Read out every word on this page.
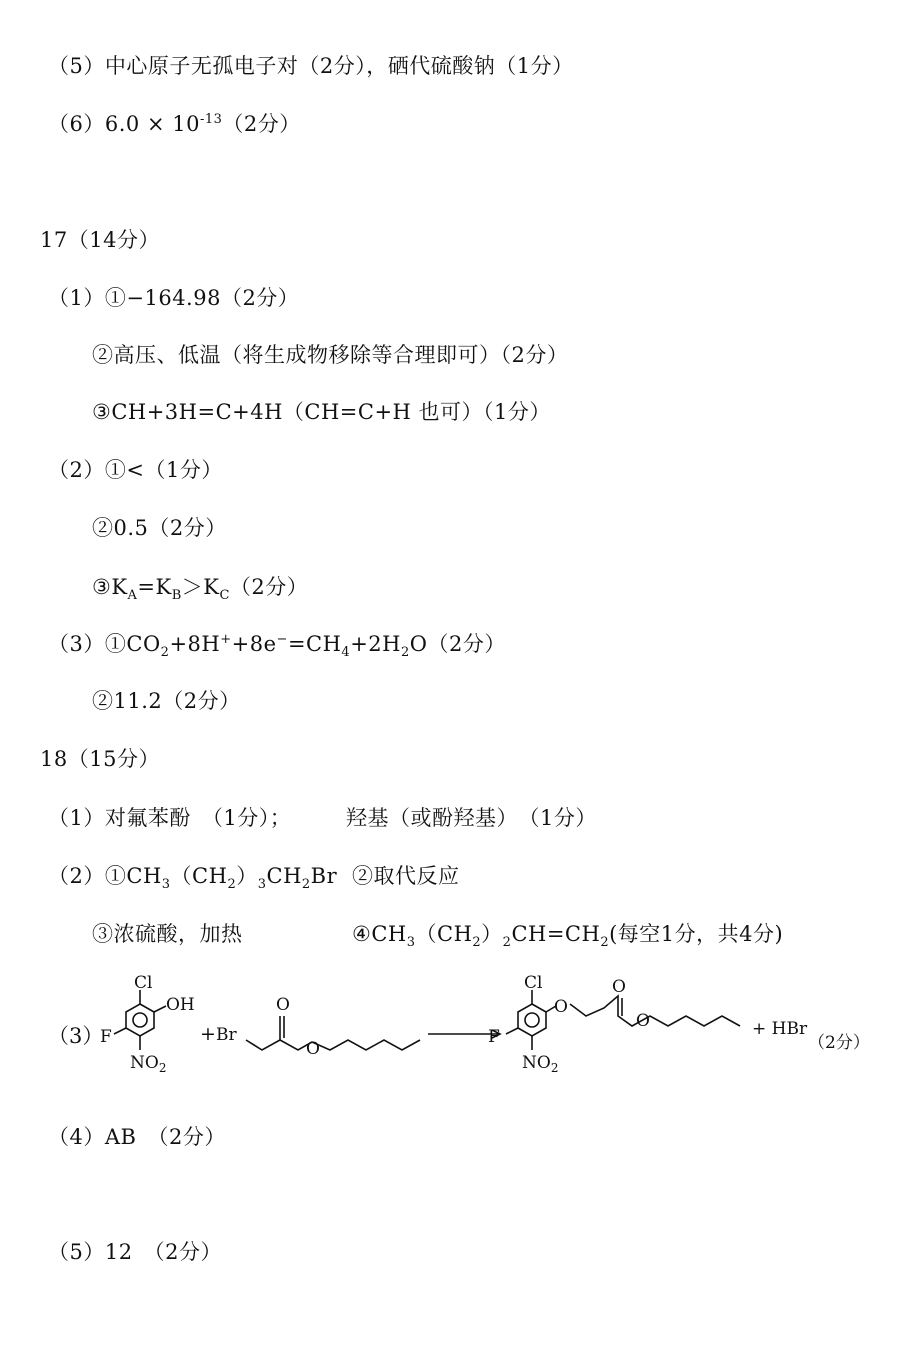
（5）中心原子无孤电子对（2分），硒代硫酸钠（1分）
$(6)6.0 \times 10^{-13}(2$分）
17（14分）
（1）①−164.98（2分）
②高压、低温（将生成物移除等合理即可）（2分）
③CH+3H=C+4H（CH=C+H 也可）（1分）
（2）①<（1分）
②0.5（2分）
$③K_A=K_B>K_C(2$分）
$(3)①CO_2+8H^++8e^-=CH_4+2H_2O(2$分）
②11.2（2分）
18（15分）
（1）对氟苯酚　（1分）；	羟基（或酚羟基）　（1分）
$(2)①CH_3(CH_2)_3CH_2Br$ ②取代反应
③浓硫酸，加热	$④CH_3(CH_2)_2CH=CH_2$(每空1分，共4分)
（3）
Cl
OH
F
$NO_2$
+ Br
O
O
Cl
O
F
$NO_2$
O
O	+ HBr
（2分）
（4）AB　（2分）
（5）12　（2分）
